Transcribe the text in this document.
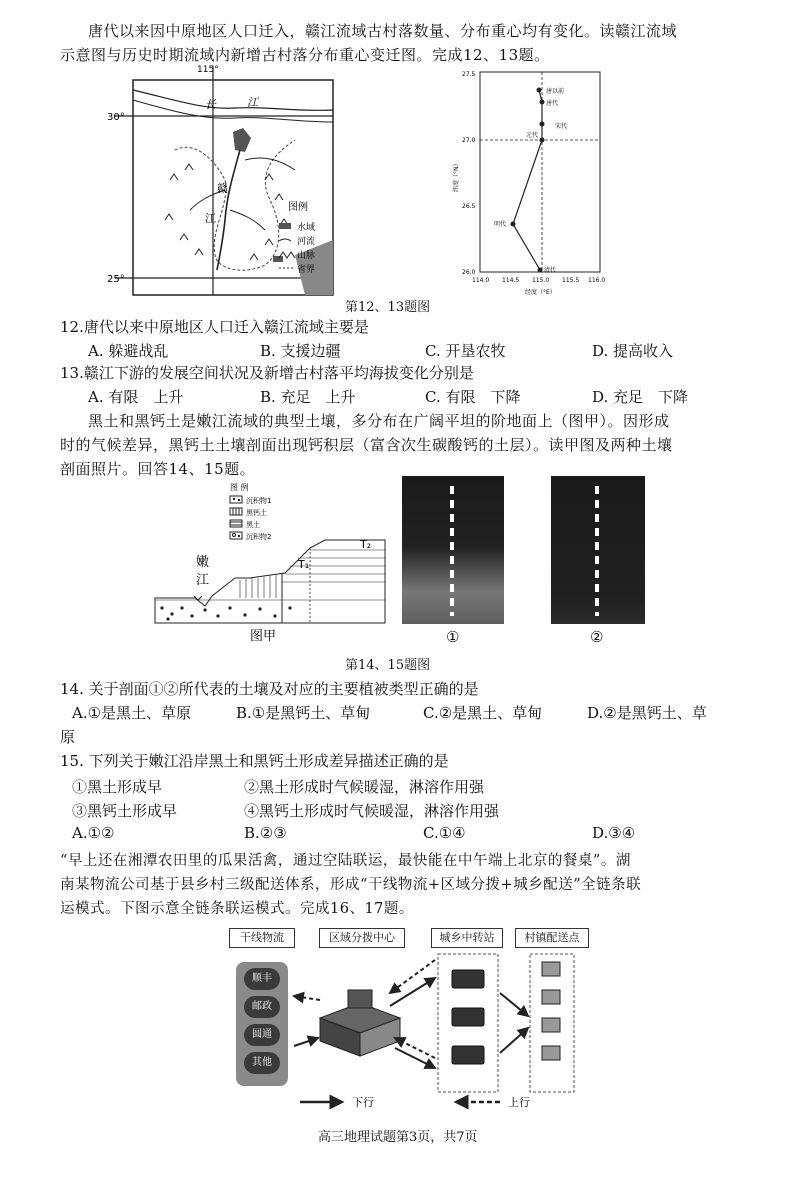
唐代以来因中原地区人口迁入，赣江流域古村落数量、分布重心均有变化。读赣江流域
示意图与历史时期流域内新增古村落分布重心变迁图。完成12、13题。
115°
30°
25°
长	江
赣
江
图例
水域
河流
山脉
省界
第12、13题图
唐以前
唐代
宋代
元代
明代
清代
27.5
27.0
26.5
26.0
114.0 114.5 115.0 115.5 116.0
经度（°E）
纬度（°N）
12.唐代以来中原地区人口迁入赣江流域主要是
A. 躲避战乱	B. 支援边疆	C. 开垦农牧	D. 提高收入
13.赣江下游的发展空间状况及新增古村落平均海拔变化分别是
A. 有限　上升	B. 充足　上升	C. 有限　下降	D. 充足　下降
黑土和黑钙土是嫩江流域的典型土壤，多分布在广阔平坦的阶地面上（图甲）。因形成
时的气候差异，黑钙土土壤剖面出现钙积层（富含次生碳酸钙的土层）。读甲图及两种土壤
剖面照片。回答14、15题。
图 例
沉积物1
黑钙土
黑土
沉积物2
嫩
江
T₁
T₂
图甲	①	②
第14、15题图
14. 关于剖面①②所代表的土壤及对应的主要植被类型正确的是
A.①是黑土、草原	B.①是黑钙土、草甸	C.②是黑土、草甸	D.②是黑钙土、草
原
15. 下列关于嫩江沿岸黑土和黑钙土形成差异描述正确的是
①黑土形成早	②黑土形成时气候暖湿，淋溶作用强
③黑钙土形成早	④黑钙土形成时气候暖湿，淋溶作用强
A.①②	B.②③	C.①④	D.③④
“早上还在湘潭农田里的瓜果活禽，通过空陆联运，最快能在中午端上北京的餐桌”。湖
南某物流公司基于县乡村三级配送体系，形成“干线物流+区域分拨+城乡配送”全链条联
运模式。下图示意全链条联运模式。完成16、17题。
干线物流	区域分拨中心	城乡中转站	村镇配送点
顺丰
邮政
圆通
其他
下行	上行
高三地理试题第3页，共7页
